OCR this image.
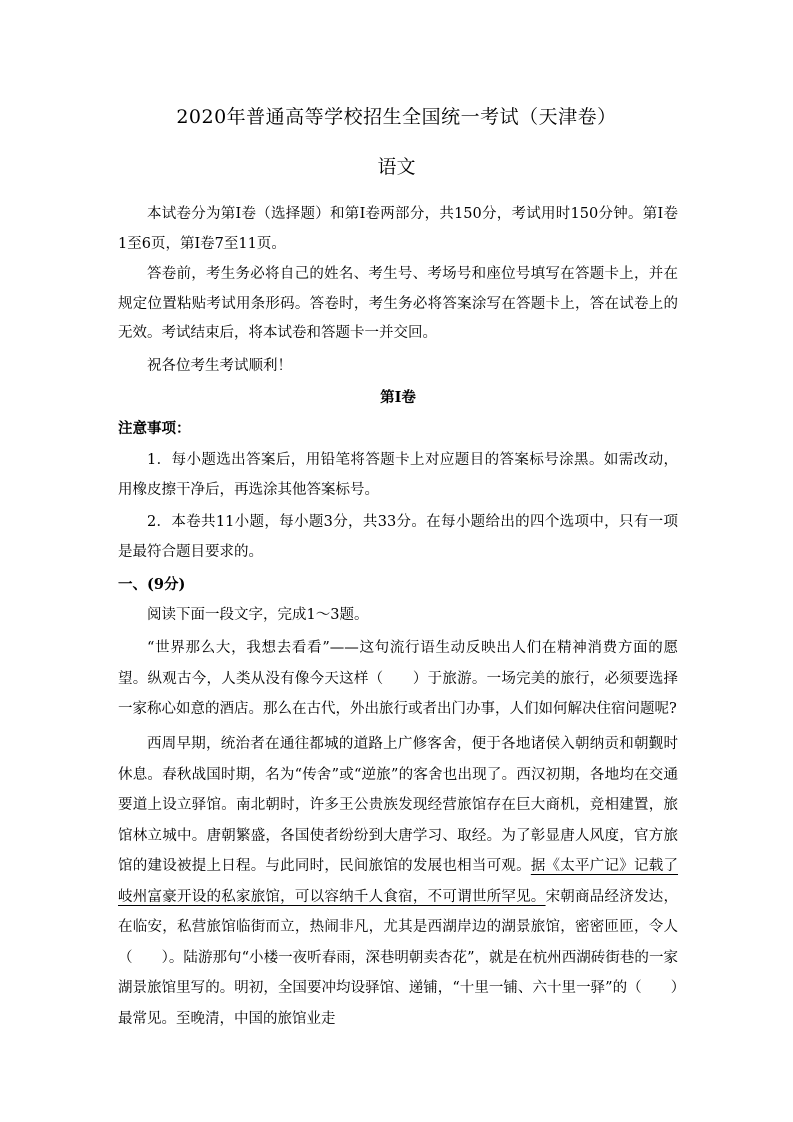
2020年普通高等学校招生全国统一考试（天津卷）
语文

本试卷分为第Ⅰ卷（选择题）和第Ⅰ卷两部分，共150分，考试用时150分钟。第Ⅰ卷1至6页，第Ⅰ卷7至11页。

答卷前，考生务必将自己的姓名、考生号、考场号和座位号填写在答题卡上，并在规定位置粘贴考试用条形码。答卷时，考生务必将答案涂写在答题卡上，答在试卷上的无效。考试结束后，将本试卷和答题卡一并交回。

祝各位考生考试顺利！

第Ⅰ卷

注意事项：

1．每小题选出答案后，用铅笔将答题卡上对应题目的答案标号涂黑。如需改动，用橡皮擦干净后，再选涂其他答案标号。

2．本卷共11小题，每小题3分，共33分。在每小题给出的四个选项中，只有一项是最符合题目要求的。

一、(9分)

阅读下面一段文字，完成1～3题。

“世界那么大，我想去看看”——这句流行语生动反映出人们在精神消费方面的愿望。纵观古今，人类从没有像今天这样（　　）于旅游。一场完美的旅行，必须要选择一家称心如意的酒店。那么在古代，外出旅行或者出门办事，人们如何解决住宿问题呢?

西周早期，统治者在通往都城的道路上广修客舍，便于各地诸侯入朝纳贡和朝觐时休息。春秋战国时期，名为“传舍”或“逆旅”的客舍也出现了。西汉初期，各地均在交通要道上设立驿馆。南北朝时，许多王公贵族发现经营旅馆存在巨大商机，竞相建置，旅馆林立城中。唐朝繁盛，各国使者纷纷到大唐学习、取经。为了彰显唐人风度，官方旅馆的建设被提上日程。与此同时，民间旅馆的发展也相当可观。据《太平广记》记载了岐州富豪开设的私家旅馆，可以容纳千人食宿，不可谓世所罕见。宋朝商品经济发达，在临安，私营旅馆临街而立，热闹非凡，尤其是西湖岸边的湖景旅馆，密密匝匝，令人（　　）。陆游那句“小楼一夜听春雨，深巷明朝卖杏花”，就是在杭州西湖砖街巷的一家湖景旅馆里写的。明初，全国要冲均设驿馆、递铺，“十里一铺、六十里一驿”的（　　）最常见。至晚清，中国的旅馆业走
